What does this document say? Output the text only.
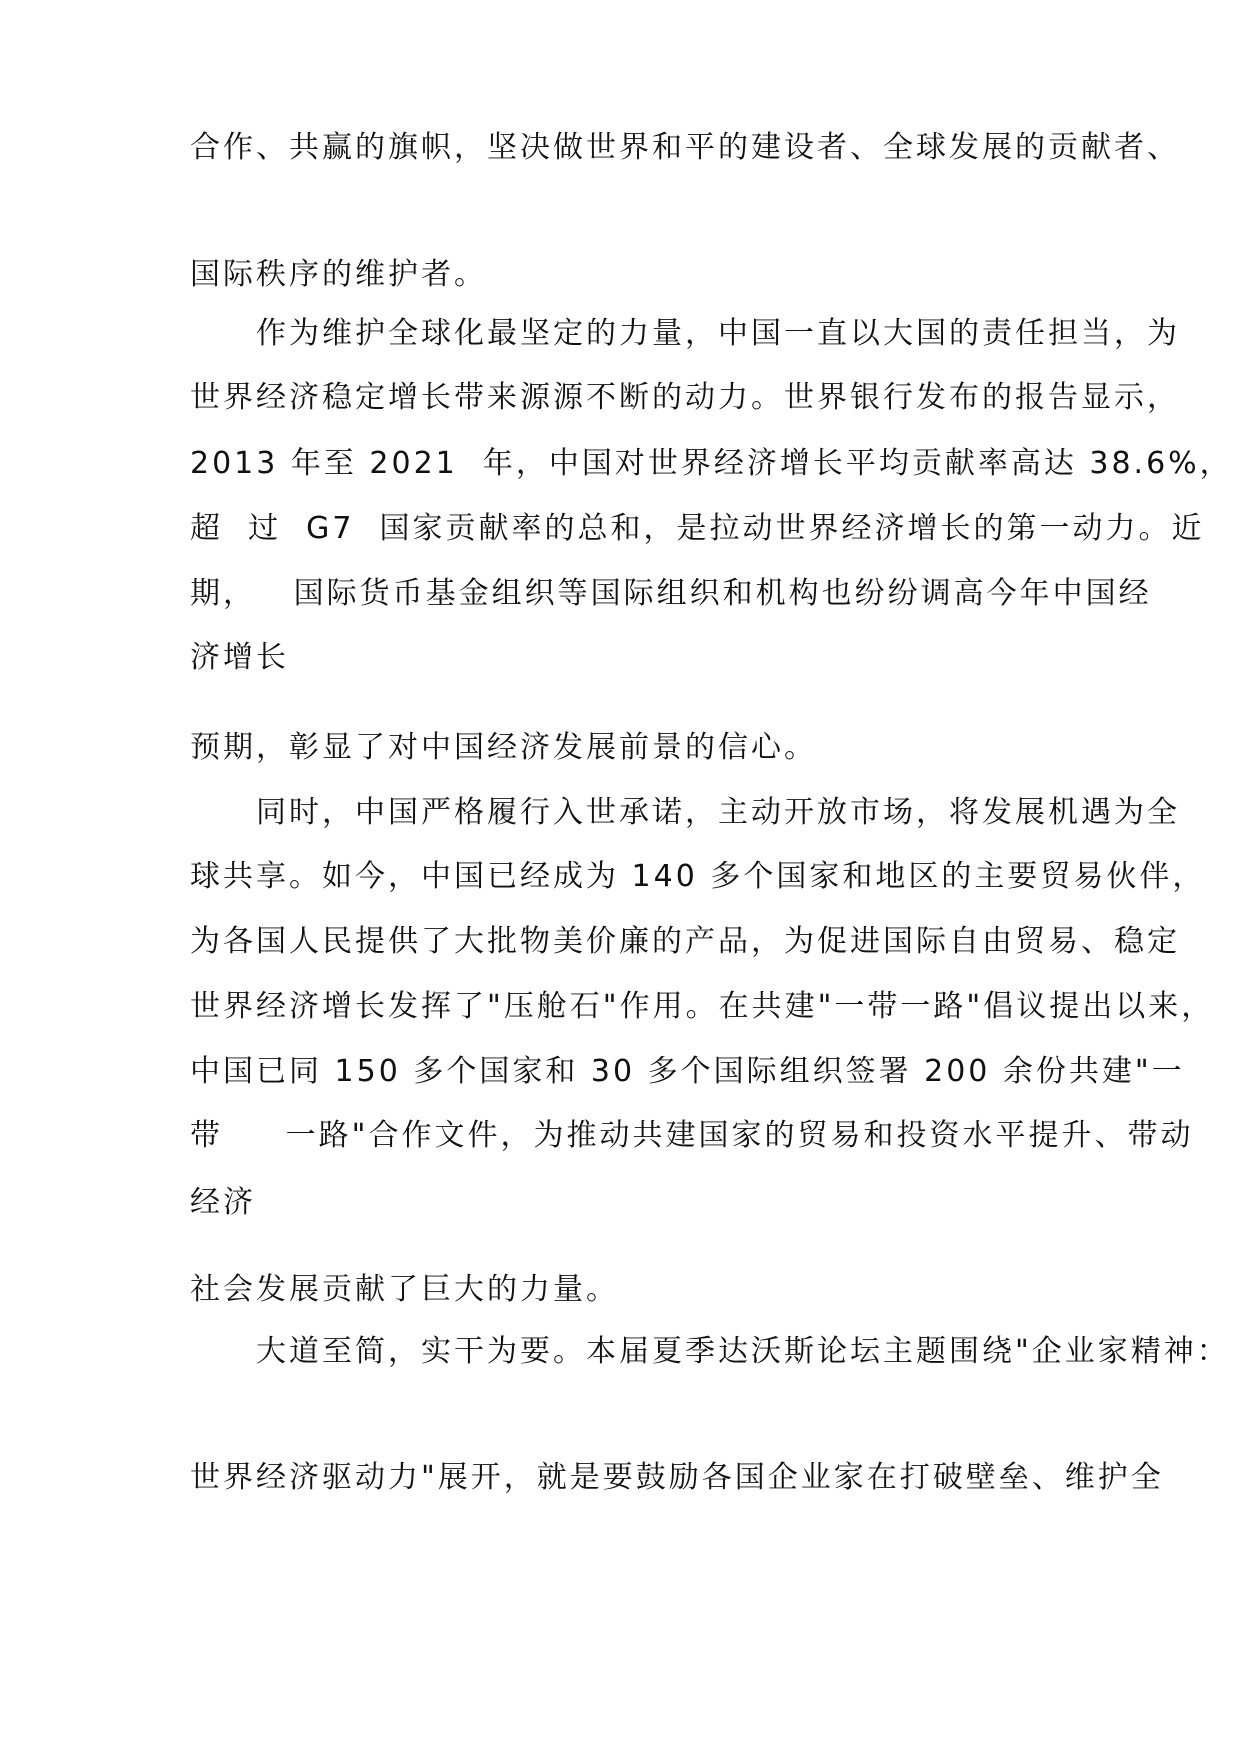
合作、共赢的旗帜，坚决做世界和平的建设者、全球发展的贡献者、
国际秩序的维护者。
　　作为维护全球化最坚定的力量，中国一直以大国的责任担当，为
世界经济稳定增长带来源源不断的动力。世界银行发布的报告显示，
2013 年至 2021  年，中国对世界经济增长平均贡献率高达 38.6%，
超  过  G7  国家贡献率的总和，是拉动世界经济增长的第一动力。近
期，   国际货币基金组织等国际组织和机构也纷纷调高今年中国经
济增长
预期，彰显了对中国经济发展前景的信心。
　　同时，中国严格履行入世承诺，主动开放市场，将发展机遇为全
球共享。如今，中国已经成为 140 多个国家和地区的主要贸易伙伴，
为各国人民提供了大批物美价廉的产品，为促进国际自由贸易、稳定
世界经济增长发挥了"压舱石"作用。在共建"一带一路"倡议提出以来，
中国已同 150 多个国家和 30 多个国际组织签署 200 余份共建"一
带     一路"合作文件，为推动共建国家的贸易和投资水平提升、带动
经济
社会发展贡献了巨大的力量。
　　大道至简，实干为要。本届夏季达沃斯论坛主题围绕"企业家精神：
世界经济驱动力"展开，就是要鼓励各国企业家在打破壁垒、维护全
